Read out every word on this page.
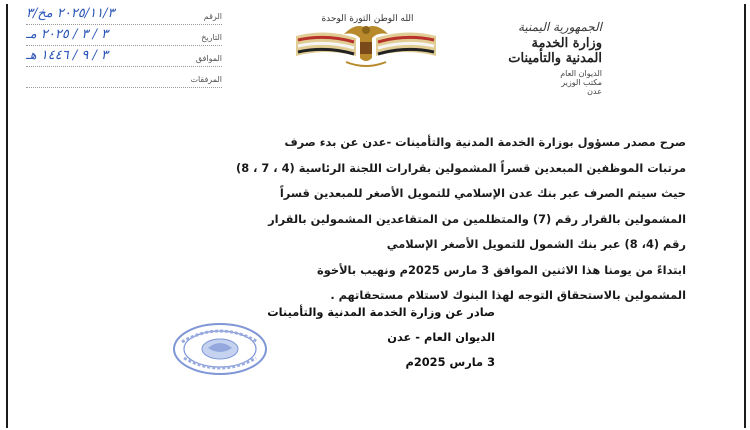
٢٠٢٥/١١/٣ مخ/٣	الرقم
٣ / ٣ / ٢٠٢٥ مـ	التاريخ
٣ / ٩ / ١٤٤٦ هـ	الموافق
المرفقات
الله الوطن الثورة الوحدة
الجمهورية اليمنية
وزارة الخدمة المدنية والتأمينات
الديوان العام
مكتب الوزير
عدن
صرح مصدر مسؤول بوزارة الخدمة المدنية والتأمينات -عدن عن بدء صرف
مرتبات الموظفين المبعدين قسراً المشمولين بقرارات اللجنة الرئاسية (4 ، 7 ، 8)
حيث سيتم الصرف عبر بنك عدن الإسلامي للتمويل الأصغر للمبعدين قسراً
المشمولين بالقرار رقم (7) والمتظلمين من المتقاعدين المشمولين بالقرار
رقم (4، 8) عبر بنك الشمول للتمويل الأصغر الإسلامي
ابتداءً من يومنا هذا الاثنين الموافق 3 مارس 2025م ونهيب بالأخوة
المشمولين بالاستحقاق التوجه لهذا البنوك لاستلام مستحقاتهم .
صادر عن وزارة الخدمة المدنية والتأمينات
الديوان العام - عدن
3 مارس 2025م
